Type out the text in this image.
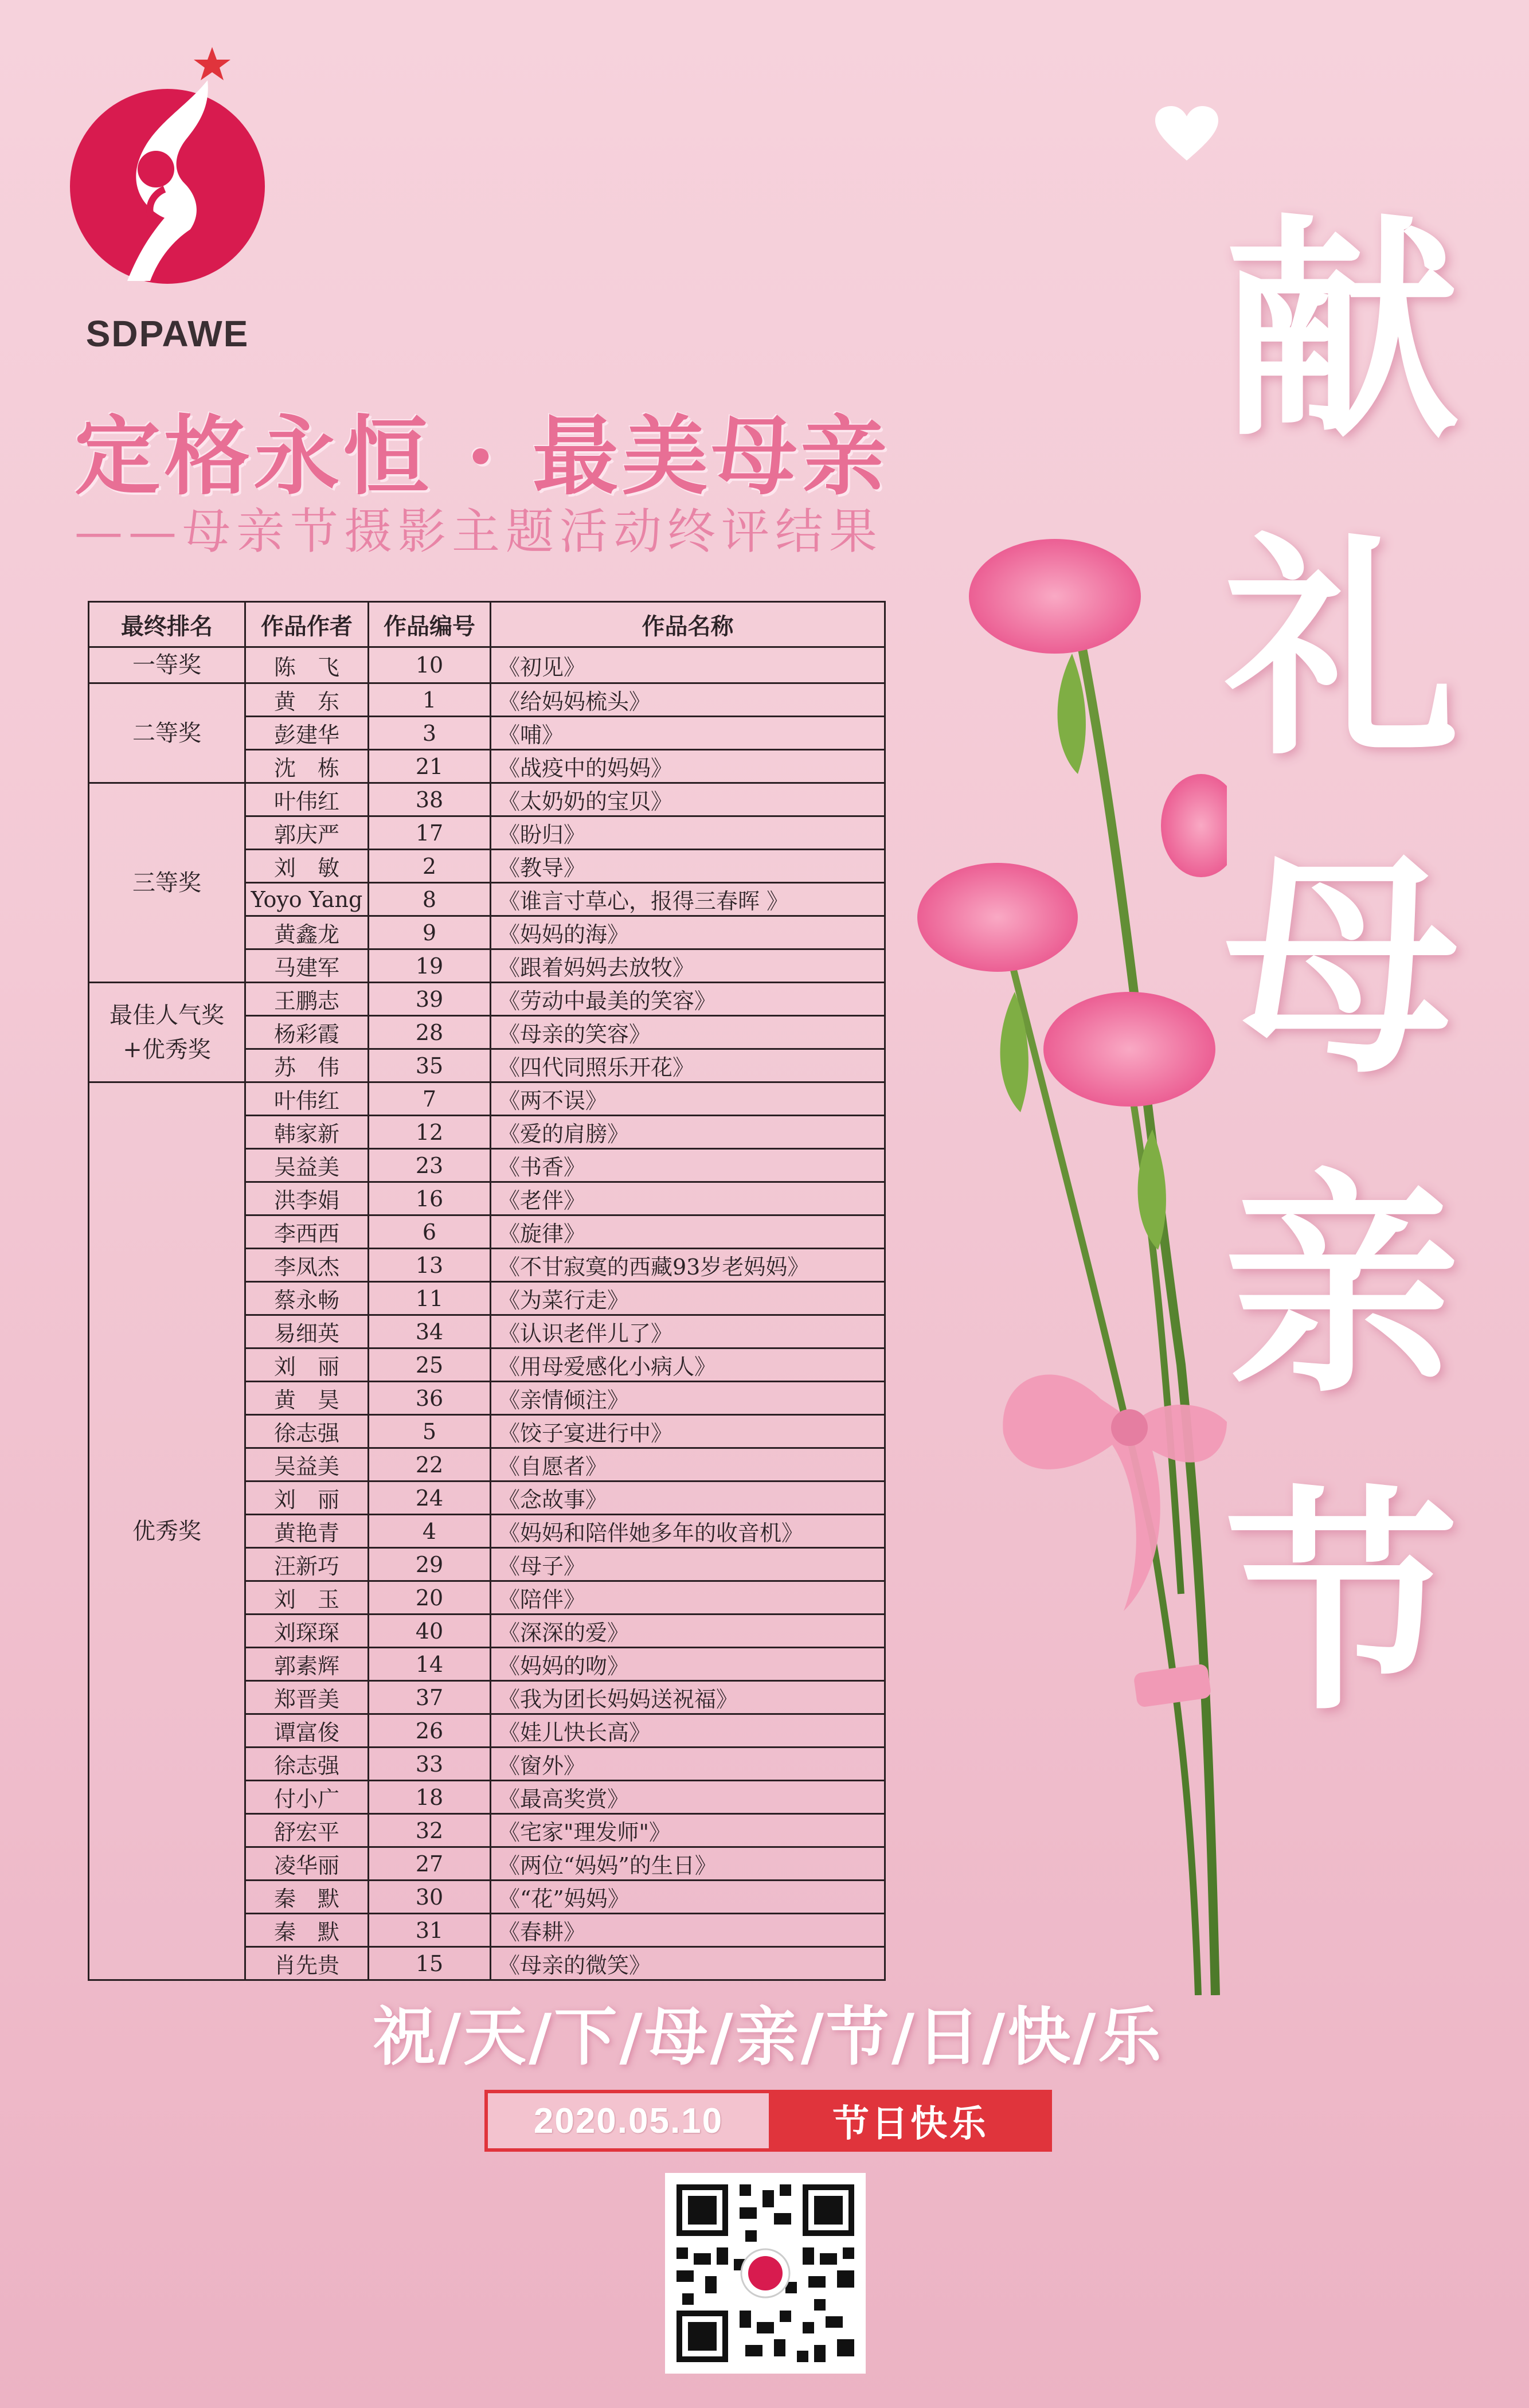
SDPAWE
定格永恒 · 最美母亲
——母亲节摄影主题活动终评结果
最终排名	作品作者	作品编号	作品名称
一等奖	陈　飞	10	《初见》
二等奖	黄　东	1	《给妈妈梳头》
	彭建华	3	《哺》
	沈　栋	21	《战疫中的妈妈》
三等奖	叶伟红	38	《太奶奶的宝贝》
	郭庆严	17	《盼归》
	刘　敏	2	《教导》
	Yoyo Yang	8	《谁言寸草心，报得三春晖 》
	黄鑫龙	9	《妈妈的海》
	马建军	19	《跟着妈妈去放牧》
最佳人气奖
+优秀奖	王鹏志	39	《劳动中最美的笑容》
	杨彩霞	28	《母亲的笑容》
	苏　伟	35	《四代同照乐开花》
优秀奖	叶伟红	7	《两不误》
	韩家新	12	《爱的肩膀》
	吴益美	23	《书香》
	洪李娟	16	《老伴》
	李西西	6	《旋律》
	李凤杰	13	《不甘寂寞的西藏93岁老妈妈》
	蔡永畅	11	《为菜行走》
	易细英	34	《认识老伴儿了》
	刘　丽	25	《用母爱感化小病人》
	黄　昊	36	《亲情倾注》
	徐志强	5	《饺子宴进行中》
	吴益美	22	《自愿者》
	刘　丽	24	《念故事》
	黄艳青	4	《妈妈和陪伴她多年的收音机》
	汪新巧	29	《母子》
	刘　玉	20	《陪伴》
	刘琛琛	40	《深深的爱》
	郭素辉	14	《妈妈的吻》
	郑晋美	37	《我为团长妈妈送祝福》
	谭富俊	26	《娃儿快长高》
	徐志强	33	《窗外》
	付小广	18	《最高奖赏》
	舒宏平	32	《宅家"理发师"》
	凌华丽	27	《两位“妈妈”的生日》
	秦　默	30	《“花”妈妈》
	秦　默	31	《春耕》
	肖先贵	15	《母亲的微笑》
献
礼
母
亲
节
祝/天/下/母/亲/节/日/快/乐
2020.05.10	节日快乐
